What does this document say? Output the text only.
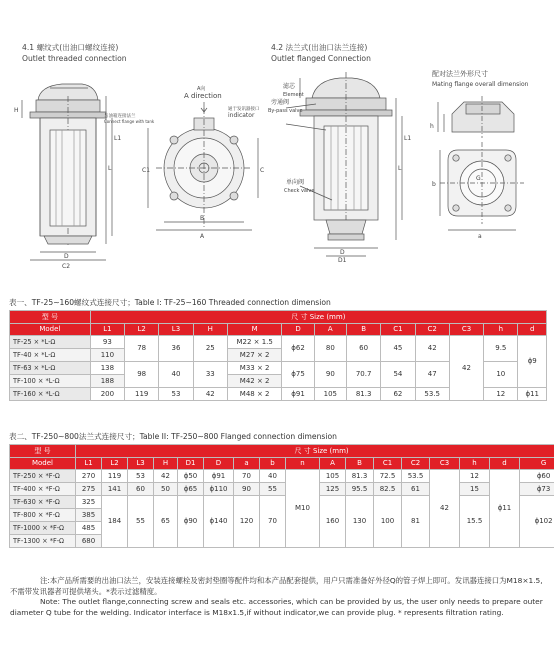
4.1 螺纹式(出油口螺纹连接)
Outlet threaded connection
4.2 法兰式(出油口法兰连接)
Outlet flanged Connection
配对法兰外形尺寸
Mating flange overall dimension
L
L1
H
D
C2
与油箱连接法兰
Connect flange with tank
A向
A direction
通于发讯器接口
indicator
B
A
C1	C
滤芯
Element
旁通阀
By-pass valve
单向阀
Check valve
L
L1
D
D1
h
b
a
G
表一、TF-25~160螺纹式连接尺寸；Table I: TF-25~160 Threaded connection dimension
型 号	尺 寸 Size (mm)												
Model	L1	L2	L3	H	M	D	A	B	C1	C2	C3	h	d
TF-25 × *L-Ω	93	78	36	25	M22 × 1.5	ϕ62	80	60	45	42	42	9.5	ϕ9
TF-40 × *L-Ω	110				M27 × 2								
TF-63 × *L-Ω	138	98	40	33	M33 × 2	ϕ75	90	70.7	54	47		10	
TF-100 × *L-Ω	188				M42 × 2								
TF-160 × *L-Ω	200	119	53	42	M48 × 2	ϕ91	105	81.3	62	53.5		12	ϕ11
表二、TF-250~800法兰式连接尺寸；Table II: TF-250~800 Flanged connection dimension
型 号	尺 寸 Size (mm)																
Model	L1	L2	L3	H	D1	D	a	b	n	A	B	C1	C2	C3	h	d	G
TF-250 × *F-Ω	270	119	53	42	ϕ50	ϕ91	70	40	M10	105	81.3	72.5	53.5	42	12	ϕ11	ϕ60
TF-400 × *F-Ω	275	141	60	50	ϕ65	ϕ110	90	55		125	95.5	82.5	61		15		ϕ73
TF-630 × *F-Ω	325	184	55	65	ϕ90	ϕ140	120	70		160	130	100	81		15.5		ϕ102
TF-800 × *F-Ω	385																
TF-1000 × *F-Ω	485																
TF-1300 × *F-Ω	680																

注:本产品所需要的出油口法兰，安装连接螺栓及密封垫圈等配件均和本产品配套提供，用户只需准备好外径Q的管子焊上即可。发讯器连接口为M18×1.5,不需带发讯器者可提供堵头。*表示过滤精度。

Note: The outlet flange,connecting screw and seals etc. accessories, which can be provided by us, the user only needs to prepare outer diameter Q tube for the welding. Indicator interface is M18x1.5,if without indicator,we can provide plug. * represents filtration rating.
